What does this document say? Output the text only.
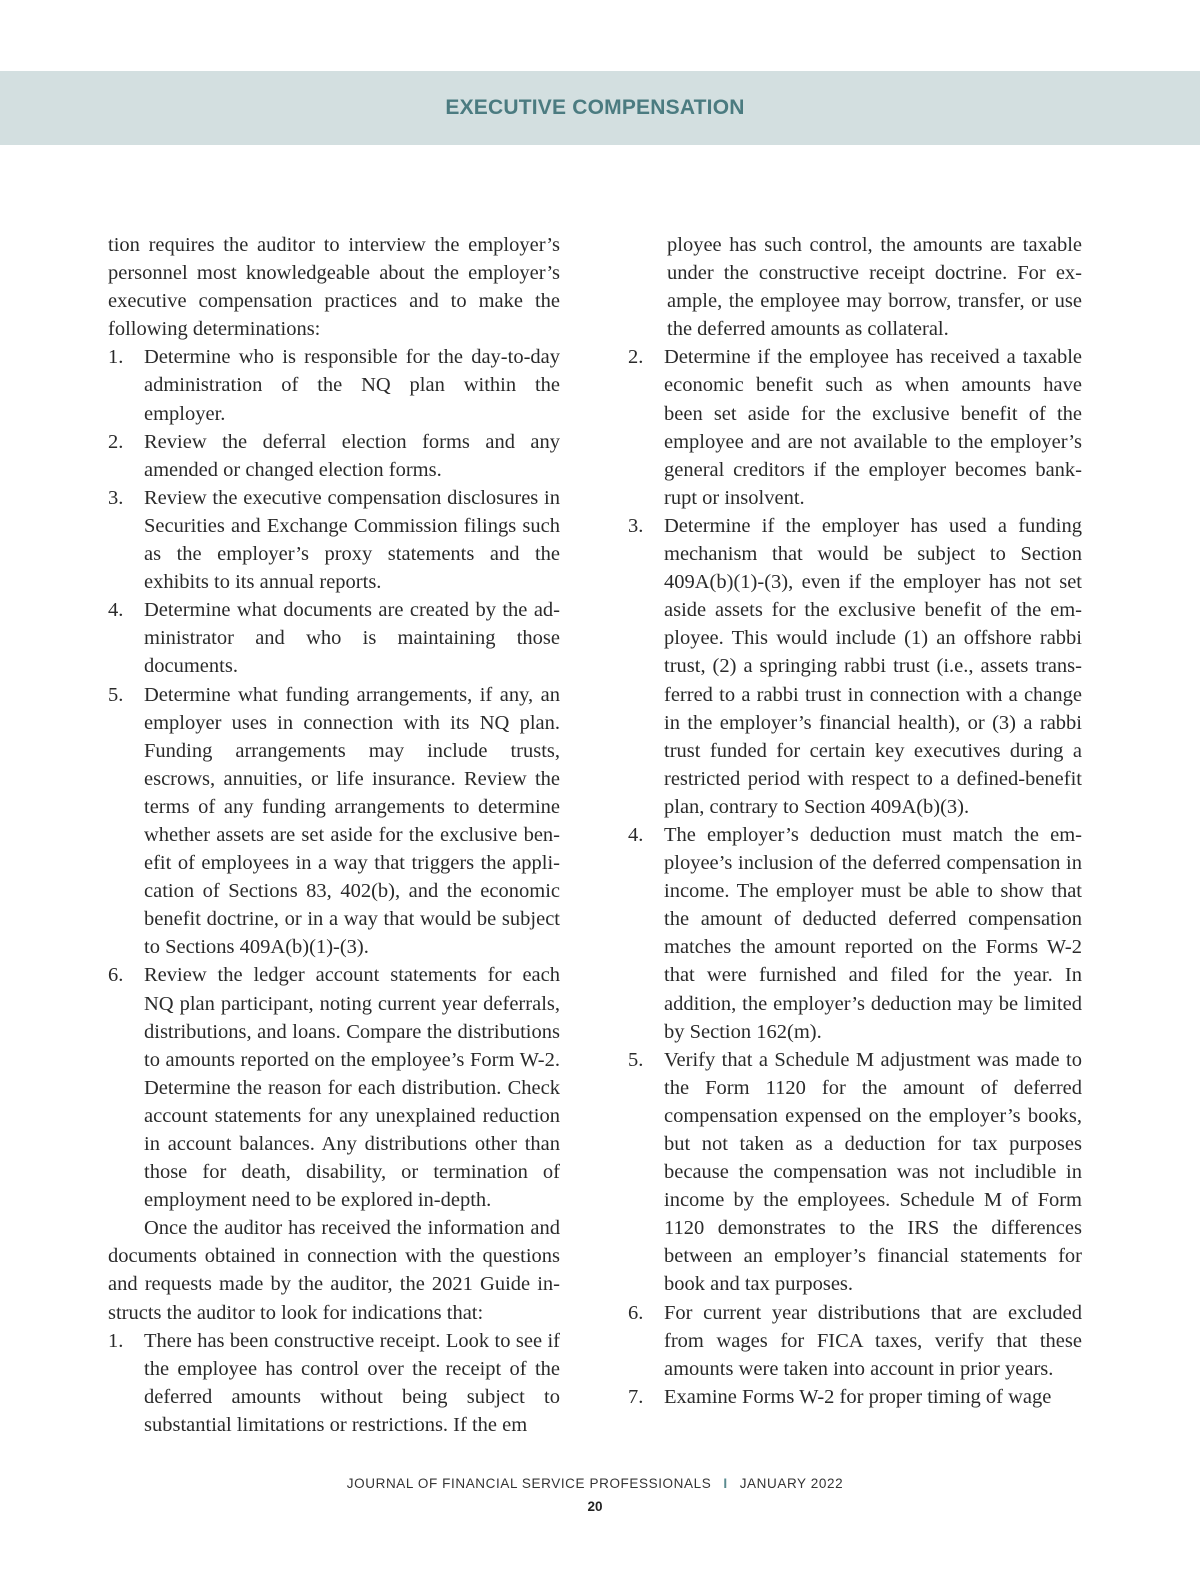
EXECUTIVE COMPENSATION

tion requires the auditor to interview the employer’s personnel most knowledgeable about the employer’s executive compensation practices and to make the following determinations:

1. Determine who is responsible for the day-to-day administration of the NQ plan within the employer.
2. Review the deferral election forms and any amended or changed election forms.
3. Review the executive compensation disclosures in Securities and Exchange Commission filings such as the employer’s proxy statements and the exhibits to its annual reports.
4. Determine what documents are created by the administrator and who is maintaining those documents.
5. Determine what funding arrangements, if any, an employer uses in connection with its NQ plan. Funding arrangements may include trusts, escrows, annuities, or life insurance. Review the terms of any funding arrangements to determine whether assets are set aside for the exclusive benefit of employees in a way that triggers the application of Sections 83, 402(b), and the economic benefit doctrine, or in a way that would be subject to Sections 409A(b)(1)-(3).
6. Review the ledger account statements for each NQ plan participant, noting current year deferrals, distributions, and loans. Compare the distributions to amounts reported on the employee’s Form W-2. Determine the reason for each distribution. Check account statements for any unexplained reduction in account balances. Any distributions other than those for death, disability, or termination of employment need to be explored in-depth.

Once the auditor has received the information and documents obtained in connection with the questions and requests made by the auditor, the 2021 Guide instructs the auditor to look for indications that:

1. There has been constructive receipt. Look to see if the employee has control over the receipt of the deferred amounts without being subject to substantial limitations or restrictions. If the em

ployee has such control, the amounts are taxable under the constructive receipt doctrine. For example, the employee may borrow, transfer, or use the deferred amounts as collateral.

2. Determine if the employee has received a taxable economic benefit such as when amounts have been set aside for the exclusive benefit of the employee and are not available to the employer’s general creditors if the employer becomes bankrupt or insolvent.
3. Determine if the employer has used a funding mechanism that would be subject to Section 409A(b)(1)-(3), even if the employer has not set aside assets for the exclusive benefit of the employee. This would include (1) an offshore rabbi trust, (2) a springing rabbi trust (i.e., assets transferred to a rabbi trust in connection with a change in the employer’s financial health), or (3) a rabbi trust funded for certain key executives during a restricted period with respect to a defined-benefit plan, contrary to Section 409A(b)(3).
4. The employer’s deduction must match the employee’s inclusion of the deferred compensation in income. The employer must be able to show that the amount of deducted deferred compensation matches the amount reported on the Forms W-2 that were furnished and filed for the year. In addition, the employer’s deduction may be limited by Section 162(m).
5. Verify that a Schedule M adjustment was made to the Form 1120 for the amount of deferred compensation expensed on the employer’s books, but not taken as a deduction for tax purposes because the compensation was not includible in income by the employees. Schedule M of Form 1120 demonstrates to the IRS the differences between an employer’s financial statements for book and tax purposes.
6. For current year distributions that are excluded from wages for FICA taxes, verify that these amounts were taken into account in prior years.
7. Examine Forms W-2 for proper timing of wage
JOURNAL OF FINANCIAL SERVICE PROFESSIONALS I JANUARY 2022
20
